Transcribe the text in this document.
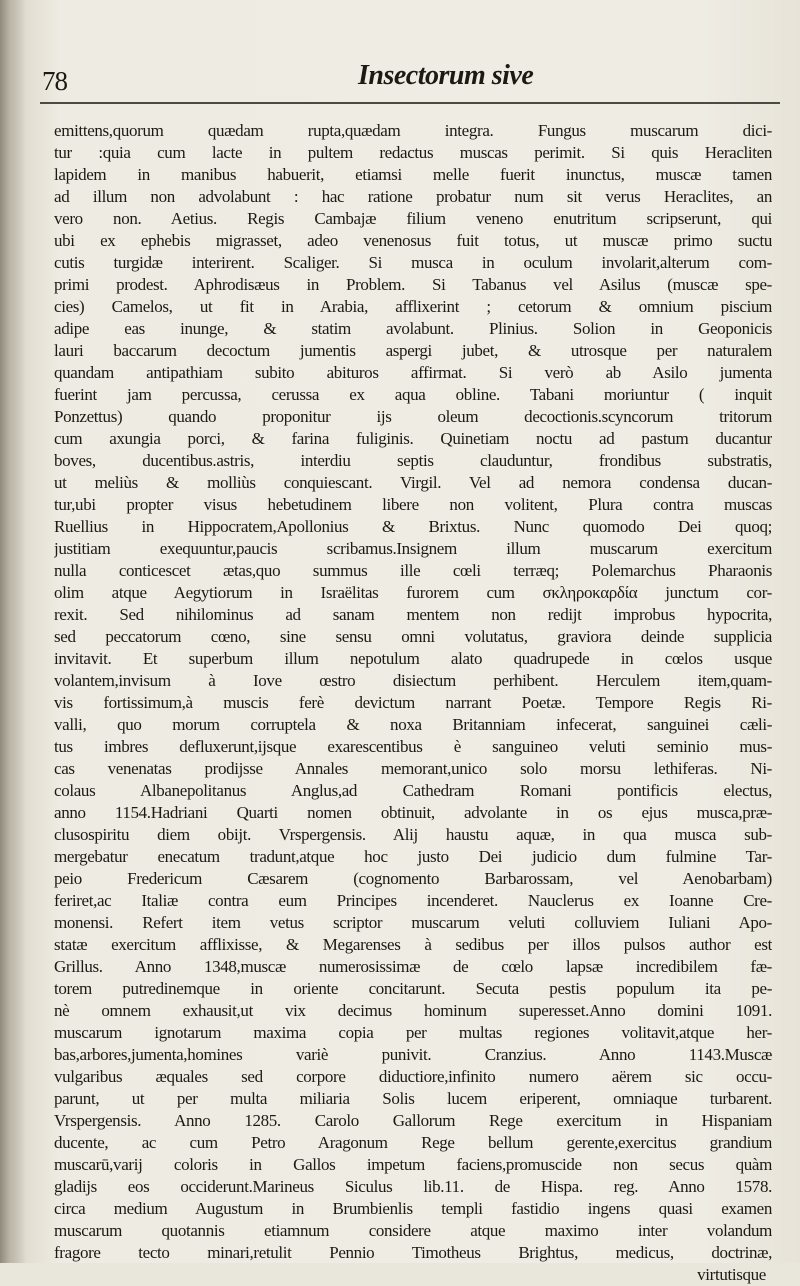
78	Insectorum sive
emittens,quorum quædam rupta,quædam integra. Fungus muscarum dici-
tur :quia cum lacte in pultem redactus muscas perimit. Si quis Heracliten
lapidem in manibus habuerit, etiamsi melle fuerit inunctus, muscæ tamen
ad illum non advolabunt : hac ratione probatur num sit verus Heraclites, an
vero non. Aetius. Regis Cambajæ filium veneno enutritum scripserunt, qui
ubi ex ephebis migrasset, adeo venenosus fuit totus, ut muscæ primo suctu
cutis turgidæ interirent. Scaliger. Si musca in oculum involarit,alterum com-
primi prodest. Aphrodisæus in Problem. Si Tabanus vel Asilus (muscæ spe-
cies) Camelos, ut fit in Arabia, afflixerint ; cetorum & omnium piscium
adipe eas inunge, & statim avolabunt. Plinius. Solion in Geoponicis
lauri baccarum decoctum jumentis aspergi jubet, & utrosque per naturalem
quandam antipathiam subito abituros affirmat. Si verò ab Asilo jumenta
fuerint jam percussa, cerussa ex aqua obline. Tabani moriuntur ( inquit
Ponzettus) quando proponitur ijs oleum decoctionis.scyncorum tritorum
cum axungia porci, & farina fuliginis. Quinetiam noctu ad pastum ducantur
boves, ducentibus.astris, interdiu septis clauduntur, frondibus substratis,
ut meliùs & molliùs conquiescant. Virgil. Vel ad nemora condensa ducan-
tur,ubi propter visus hebetudinem libere non volitent, Plura contra muscas
Ruellius in Hippocratem,Apollonius & Brixtus. Nunc quomodo Dei quoq;
justitiam exequuntur,paucis scribamus.Insignem illum muscarum exercitum
nulla conticescet ætas,quo summus ille cœli terræq; Polemarchus Pharaonis
olim atque Aegytiorum in Israëlitas furorem cum σκληροκαρδία junctum cor-
rexit. Sed nihilominus ad sanam mentem non redijt improbus hypocrita,
sed peccatorum cœno, sine sensu omni volutatus, graviora deinde supplicia
invitavit. Et superbum illum nepotulum alato quadrupede in cœlos usque
volantem,invisum à Iove œstro disiectum perhibent. Herculem item,quam-
vis fortissimum,à muscis ferè devictum narrant Poetæ. Tempore Regis Ri-
valli, quo morum corruptela & noxa Britanniam infecerat, sanguinei cæli-
tus imbres defluxerunt,ijsque exarescentibus è sanguineo veluti seminio mus-
cas venenatas prodijsse Annales memorant,unico solo morsu lethiferas. Ni-
colaus Albanepolitanus Anglus,ad Cathedram Romani pontificis electus,
anno 1154.Hadriani Quarti nomen obtinuit, advolante in os ejus musca,præ-
clusospiritu diem obijt. Vrspergensis. Alij haustu aquæ, in qua musca sub-
mergebatur enecatum tradunt,atque hoc justo Dei judicio dum fulmine Tar-
peio Fredericum Cæsarem (cognomento Barbarossam, vel Aenobarbam)
feriret,ac Italiæ contra eum Principes incenderet. Nauclerus ex Ioanne Cre-
monensi. Refert item vetus scriptor muscarum veluti colluviem Iuliani Apo-
statæ exercitum afflixisse, & Megarenses à sedibus per illos pulsos author est
Grillus. Anno 1348,muscæ numerosissimæ de cœlo lapsæ incredibilem fæ-
torem putredinemque in oriente concitarunt. Secuta pestis populum ita pe-
nè omnem exhausit,ut vix decimus hominum superesset.Anno domini 1091.
muscarum ignotarum maxima copia per multas regiones volitavit,atque her-
bas,arbores,jumenta,homines variè punivit. Cranzius. Anno 1143.Muscæ
vulgaribus æquales sed corpore diductiore,infinito numero aërem sic occu-
parunt, ut per multa miliaria Solis lucem eriperent, omniaque turbarent.
Vrspergensis. Anno 1285. Carolo Gallorum Rege exercitum in Hispaniam
ducente, ac cum Petro Aragonum Rege bellum gerente,exercitus grandium
muscarū,varij coloris in Gallos impetum faciens,promuscide non secus quàm
gladijs eos occiderunt.Marineus Siculus lib.11. de Hispa. reg. Anno 1578.
circa medium Augustum in Brumbienlis templi fastidio ingens quasi examen
muscarum quotannis etiamnum considere atque maximo inter volandum
fragore tecto minari,retulit Pennio Timotheus Brightus, medicus, doctrinæ,
virtutisque
